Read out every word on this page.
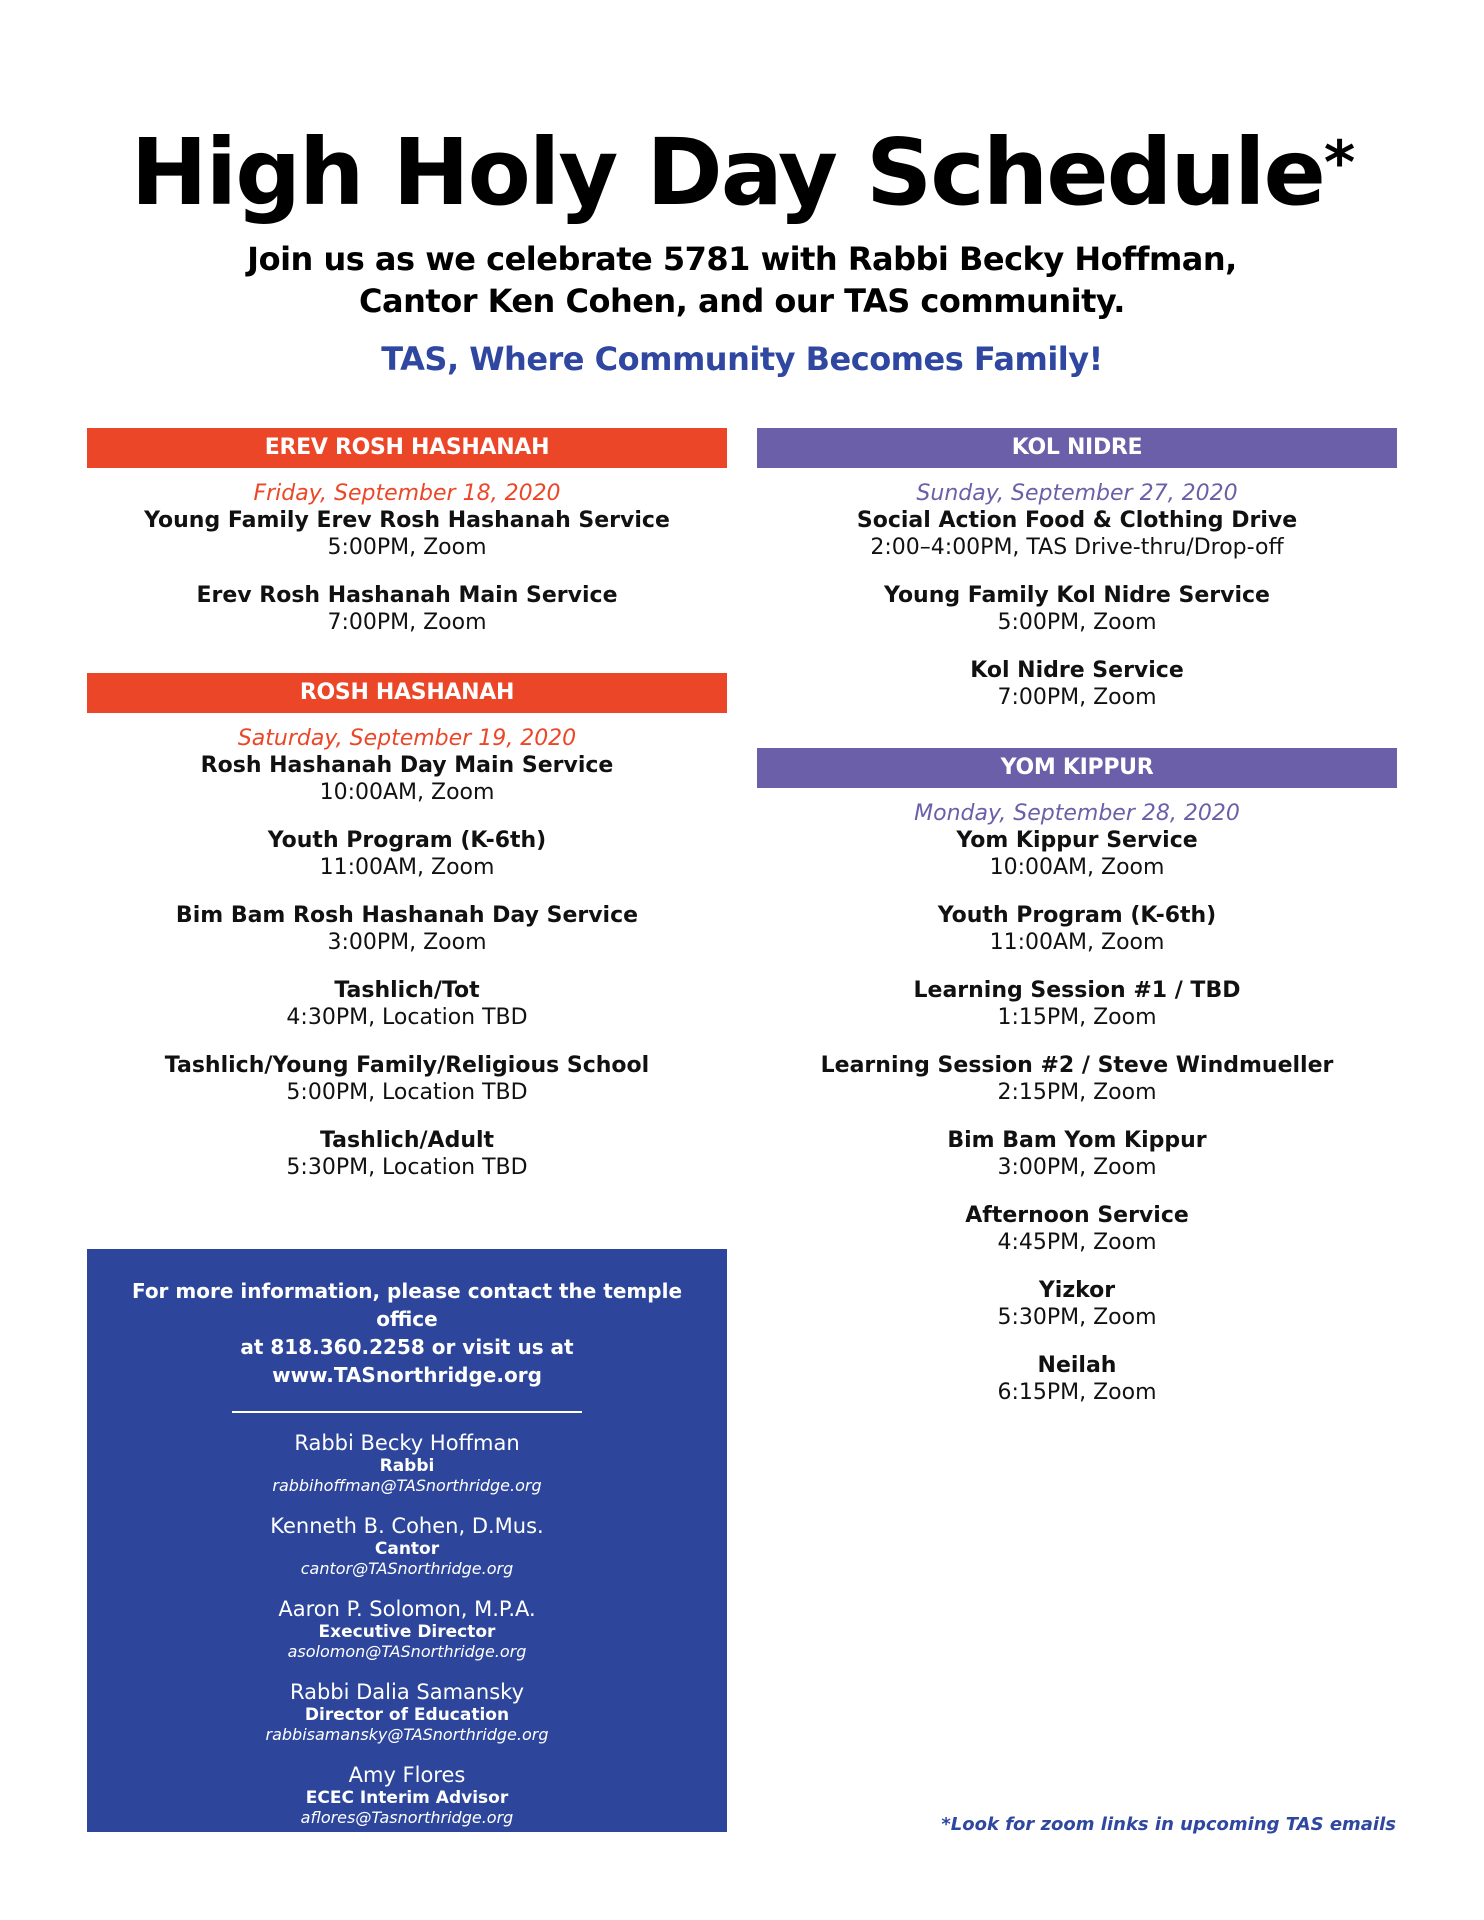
High Holy Day Schedule*
Join us as we celebrate 5781 with Rabbi Becky Hoffman,
Cantor Ken Cohen, and our TAS community.
TAS, Where Community Becomes Family!
EREV ROSH HASHANAH
Friday, September 18, 2020
Young Family Erev Rosh Hashanah Service
5:00PM, Zoom
Erev Rosh Hashanah Main Service
7:00PM, Zoom
ROSH HASHANAH
Saturday, September 19, 2020
Rosh Hashanah Day Main Service
10:00AM, Zoom
Youth Program (K-6th)
11:00AM, Zoom
Bim Bam Rosh Hashanah Day Service
3:00PM, Zoom
Tashlich/Tot
4:30PM, Location TBD
Tashlich/Young Family/Religious School
5:00PM, Location TBD
Tashlich/Adult
5:30PM, Location TBD
KOL NIDRE
Sunday, September 27, 2020
Social Action Food & Clothing Drive
2:00–4:00PM, TAS Drive-thru/Drop-off
Young Family Kol Nidre Service
5:00PM, Zoom
Kol Nidre Service
7:00PM, Zoom
YOM KIPPUR
Monday, September 28, 2020
Yom Kippur Service
10:00AM, Zoom
Youth Program (K-6th)
11:00AM, Zoom
Learning Session #1 / TBD
1:15PM, Zoom
Learning Session #2 / Steve Windmueller
2:15PM, Zoom
Bim Bam Yom Kippur
3:00PM, Zoom
Afternoon Service
4:45PM, Zoom
Yizkor
5:30PM, Zoom
Neilah
6:15PM, Zoom
For more information, please contact the temple office
at 818.360.2258 or visit us at www.TASnorthridge.org
Rabbi Becky Hoffman
Rabbi
rabbihoffman@TASnorthridge.org
Kenneth B. Cohen, D.Mus.
Cantor
cantor@TASnorthridge.org
Aaron P. Solomon, M.P.A.
Executive Director
asolomon@TASnorthridge.org
Rabbi Dalia Samansky
Director of Education
rabbisamansky@TASnorthridge.org
Amy Flores
ECEC Interim Advisor
aflores@Tasnorthridge.org	*Look for zoom links in upcoming TAS emails
